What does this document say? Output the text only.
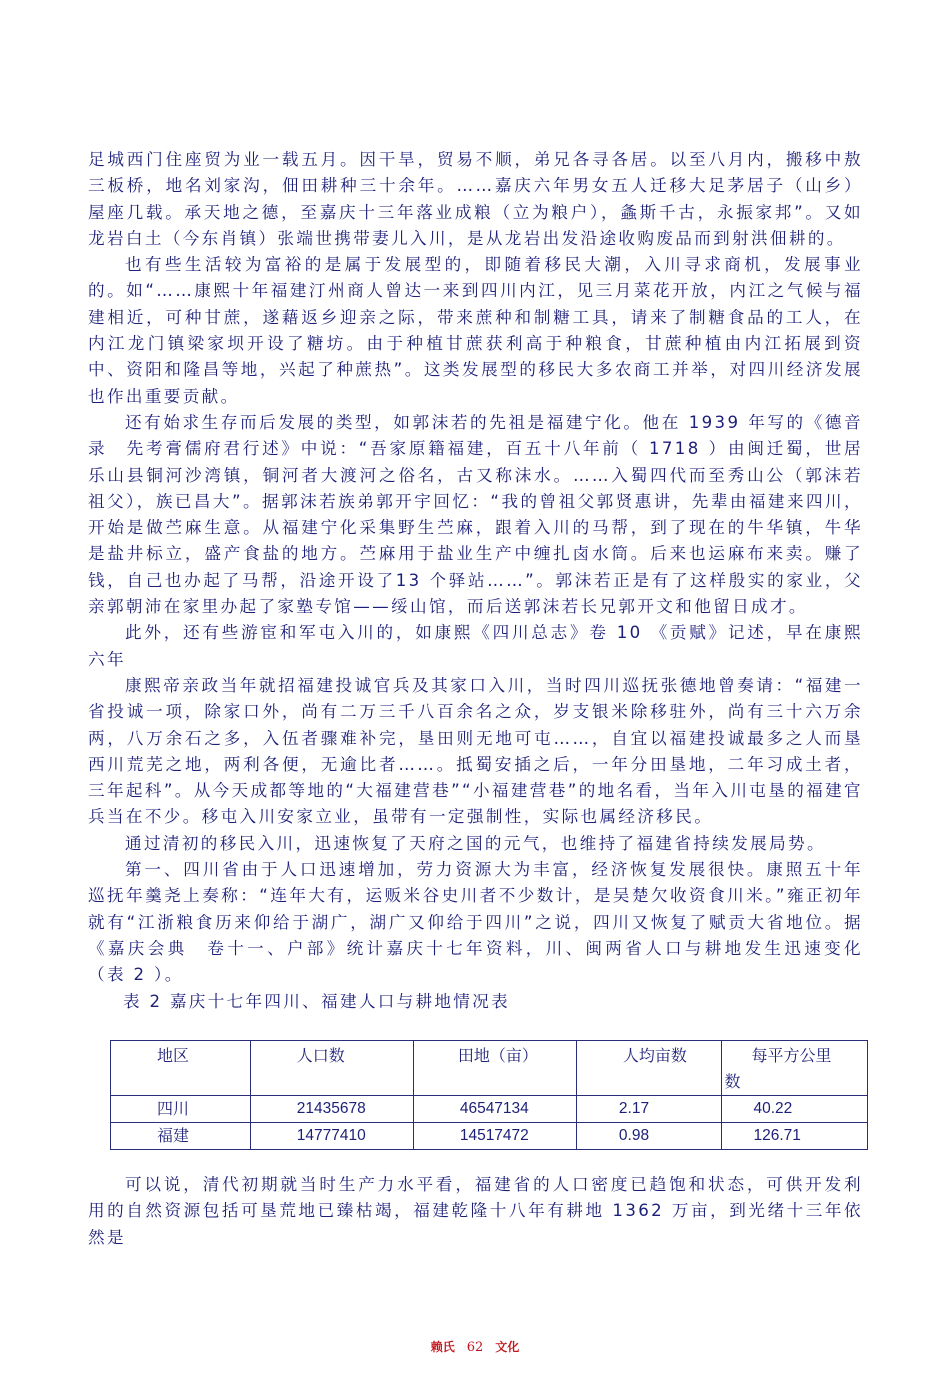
足城西门住座贸为业一载五月。因干旱，贸易不顺，弟兄各寻各居。以至八月内，搬移中敖三板桥，地名刘家沟，佃田耕种三十余年。……嘉庆六年男女五人迁移大足茅居子（山乡）屋座几载。承天地之德，至嘉庆十三年落业成粮（立为粮户），螽斯千古，永振家邦”。又如龙岩白土（今东肖镇）张端世携带妻儿入川，是从龙岩出发沿途收购废品而到射洪佃耕的。

也有些生活较为富裕的是属于发展型的，即随着移民大潮，入川寻求商机，发展事业的。如“……康熙十年福建汀州商人曾达一来到四川内江，见三月菜花开放，内江之气候与福建相近，可种甘蔗，遂藉返乡迎亲之际，带来蔗种和制糖工具，请来了制糖食品的工人，在内江龙门镇梁家坝开设了糖坊。由于种植甘蔗获利高于种粮食，甘蔗种植由内江拓展到资中、资阳和隆昌等地，兴起了种蔗热”。这类发展型的移民大多农商工并举，对四川经济发展也作出重要贡献。

还有始求生存而后发展的类型，如郭沫若的先祖是福建宁化。他在 1939 年写的《德音录　先考膏儒府君行述》中说：“吾家原籍福建，百五十八年前（ 1718 ）由闽迁蜀，世居乐山县铜河沙湾镇，铜河者大渡河之俗名，古又称沫水。……入蜀四代而至秀山公（郭沫若祖父），族已昌大”。据郭沫若族弟郭开宇回忆：“我的曾祖父郭贤惠讲，先辈由福建来四川，开始是做苎麻生意。从福建宁化采集野生苎麻，跟着入川的马帮，到了现在的牛华镇，牛华是盐井标立，盛产食盐的地方。苎麻用于盐业生产中缠扎卤水筒。后来也运麻布来卖。赚了钱，自己也办起了马帮，沿途开设了13 个驿站……”。郭沫若正是有了这样殷实的家业，父亲郭朝沛在家里办起了家塾专馆——绥山馆，而后送郭沫若长兄郭开文和他留日成才。

此外，还有些游宦和军屯入川的，如康熙《四川总志》卷 10 《贡赋》记述，早在康熙六年

康熙帝亲政当年就招福建投诚官兵及其家口入川，当时四川巡抚张德地曾奏请：“福建一省投诚一项，除家口外，尚有二万三千八百余名之众，岁支银米除移驻外，尚有三十六万余两，八万余石之多，入伍者骤难补完，垦田则无地可屯……，自宜以福建投诚最多之人而垦西川荒芜之地，两利各便，无逾比者……。抵蜀安插之后，一年分田垦地，二年习成土者，三年起科”。从今天成都等地的“大福建营巷”“小福建营巷”的地名看，当年入川屯垦的福建官兵当在不少。移屯入川安家立业，虽带有一定强制性，实际也属经济移民。

通过清初的移民入川，迅速恢复了天府之国的元气，也维持了福建省持续发展局势。

第一、四川省由于人口迅速增加，劳力资源大为丰富，经济恢复发展很快。康照五十年巡抚年羹尧上奏称：“连年大有，运贩米谷史川者不少数计，是吴楚欠收资食川米。”雍正初年就有“江浙粮食历来仰给于湖广，湖广又仰给于四川”之说，四川又恢复了赋贡大省地位。据《嘉庆会典　卷十一、户部》统计嘉庆十七年资料，川、闽两省人口与耕地发生迅速变化（表 2 ）。

表 2 嘉庆十七年四川、福建人口与耕地情况表

地区	人口数	田地（亩）	人均亩数	每平方公里
数
四川	21435678	46547134	2.17	40.22
福建	14777410	14517472	0.98	126.71

可以说，清代初期就当时生产力水平看，福建省的人口密度已趋饱和状态，可供开发利用的自然资源包括可垦荒地已臻枯竭，福建乾隆十八年有耕地 1362 万亩，到光绪十三年依然是

赖氏 62 文化
